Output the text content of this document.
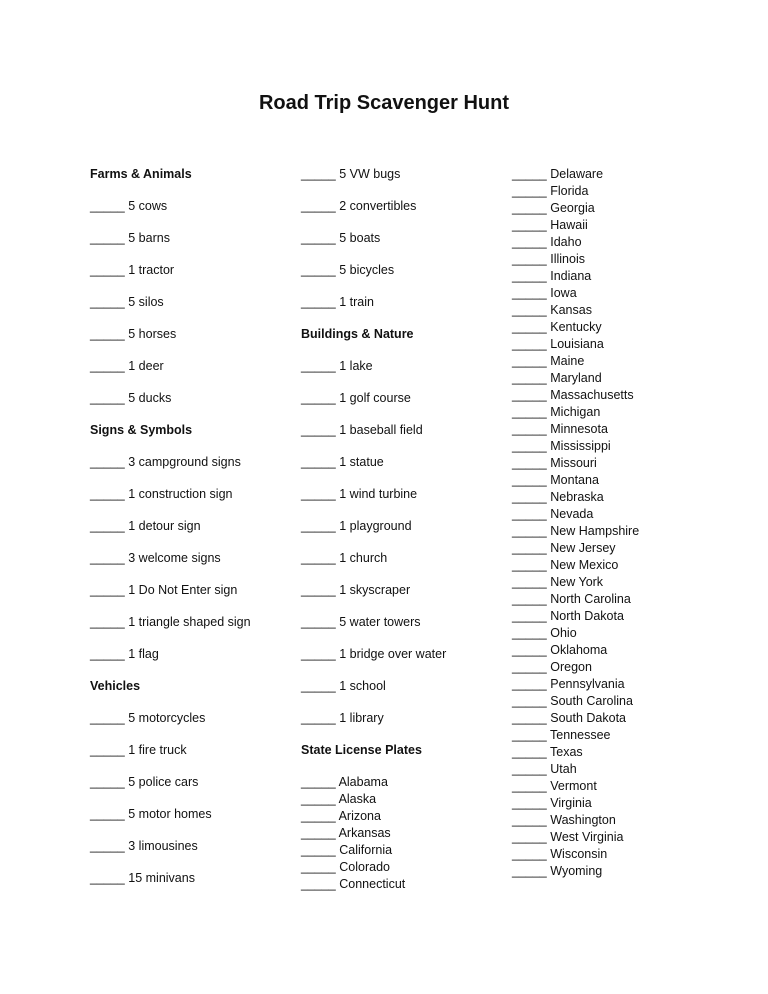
Road Trip Scavenger Hunt
Farms & Animals
_____ 5 cows
_____ 5 barns
_____ 1 tractor
_____ 5 silos
_____ 5 horses
_____ 1 deer
_____ 5 ducks
Signs & Symbols
_____ 3 campground signs
_____ 1 construction sign
_____ 1 detour sign
_____ 3 welcome signs
_____ 1 Do Not Enter sign
_____ 1 triangle shaped sign
_____ 1 flag
Vehicles
_____ 5 motorcycles
_____ 1 fire truck
_____ 5 police cars
_____ 5 motor homes
_____ 3 limousines
_____ 15 minivans
_____ 5 VW bugs
_____ 2 convertibles
_____ 5 boats
_____ 5 bicycles
_____ 1 train
Buildings & Nature
_____ 1 lake
_____ 1 golf course
_____ 1 baseball field
_____ 1 statue
_____ 1 wind turbine
_____ 1 playground
_____ 1 church
_____ 1 skyscraper
_____ 5 water towers
_____ 1 bridge over water
_____ 1 school
_____ 1 library
State License Plates
_____ Alabama
_____ Alaska
_____ Arizona
_____ Arkansas
_____ California
_____ Colorado
_____ Connecticut
_____ Delaware
_____ Florida
_____ Georgia
_____ Hawaii
_____ Idaho
_____ Illinois
_____ Indiana
_____ Iowa
_____ Kansas
_____ Kentucky
_____ Louisiana
_____ Maine
_____ Maryland
_____ Massachusetts
_____ Michigan
_____ Minnesota
_____ Mississippi
_____ Missouri
_____ Montana
_____ Nebraska
_____ Nevada
_____ New Hampshire
_____ New Jersey
_____ New Mexico
_____ New York
_____ North Carolina
_____ North Dakota
_____ Ohio
_____ Oklahoma
_____ Oregon
_____ Pennsylvania
_____ South Carolina
_____ South Dakota
_____ Tennessee
_____ Texas
_____ Utah
_____ Vermont
_____ Virginia
_____ Washington
_____ West Virginia
_____ Wisconsin
_____ Wyoming
